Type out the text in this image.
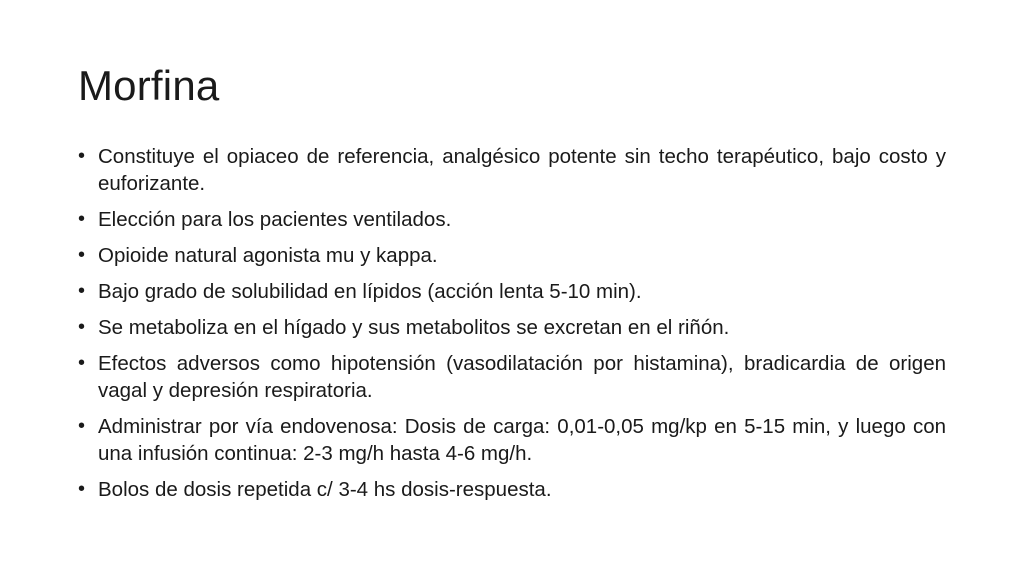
Morfina
• Constituye el opiaceo de referencia, analgésico potente sin techo terapéutico, bajo costo y euforizante.
• Elección para los pacientes ventilados.
• Opioide natural agonista mu y kappa.
• Bajo grado de solubilidad en lípidos (acción lenta 5-10 min).
• Se metaboliza en el hígado y sus metabolitos se excretan en el riñón.
• Efectos adversos como hipotensión (vasodilatación por histamina), bradicardia de origen vagal y depresión respiratoria.
• Administrar por vía endovenosa: Dosis de carga: 0,01-0,05 mg/kp en 5-15 min, y luego con una infusión continua: 2-3 mg/h hasta 4-6 mg/h.
• Bolos de dosis repetida c/ 3-4 hs dosis-respuesta.
